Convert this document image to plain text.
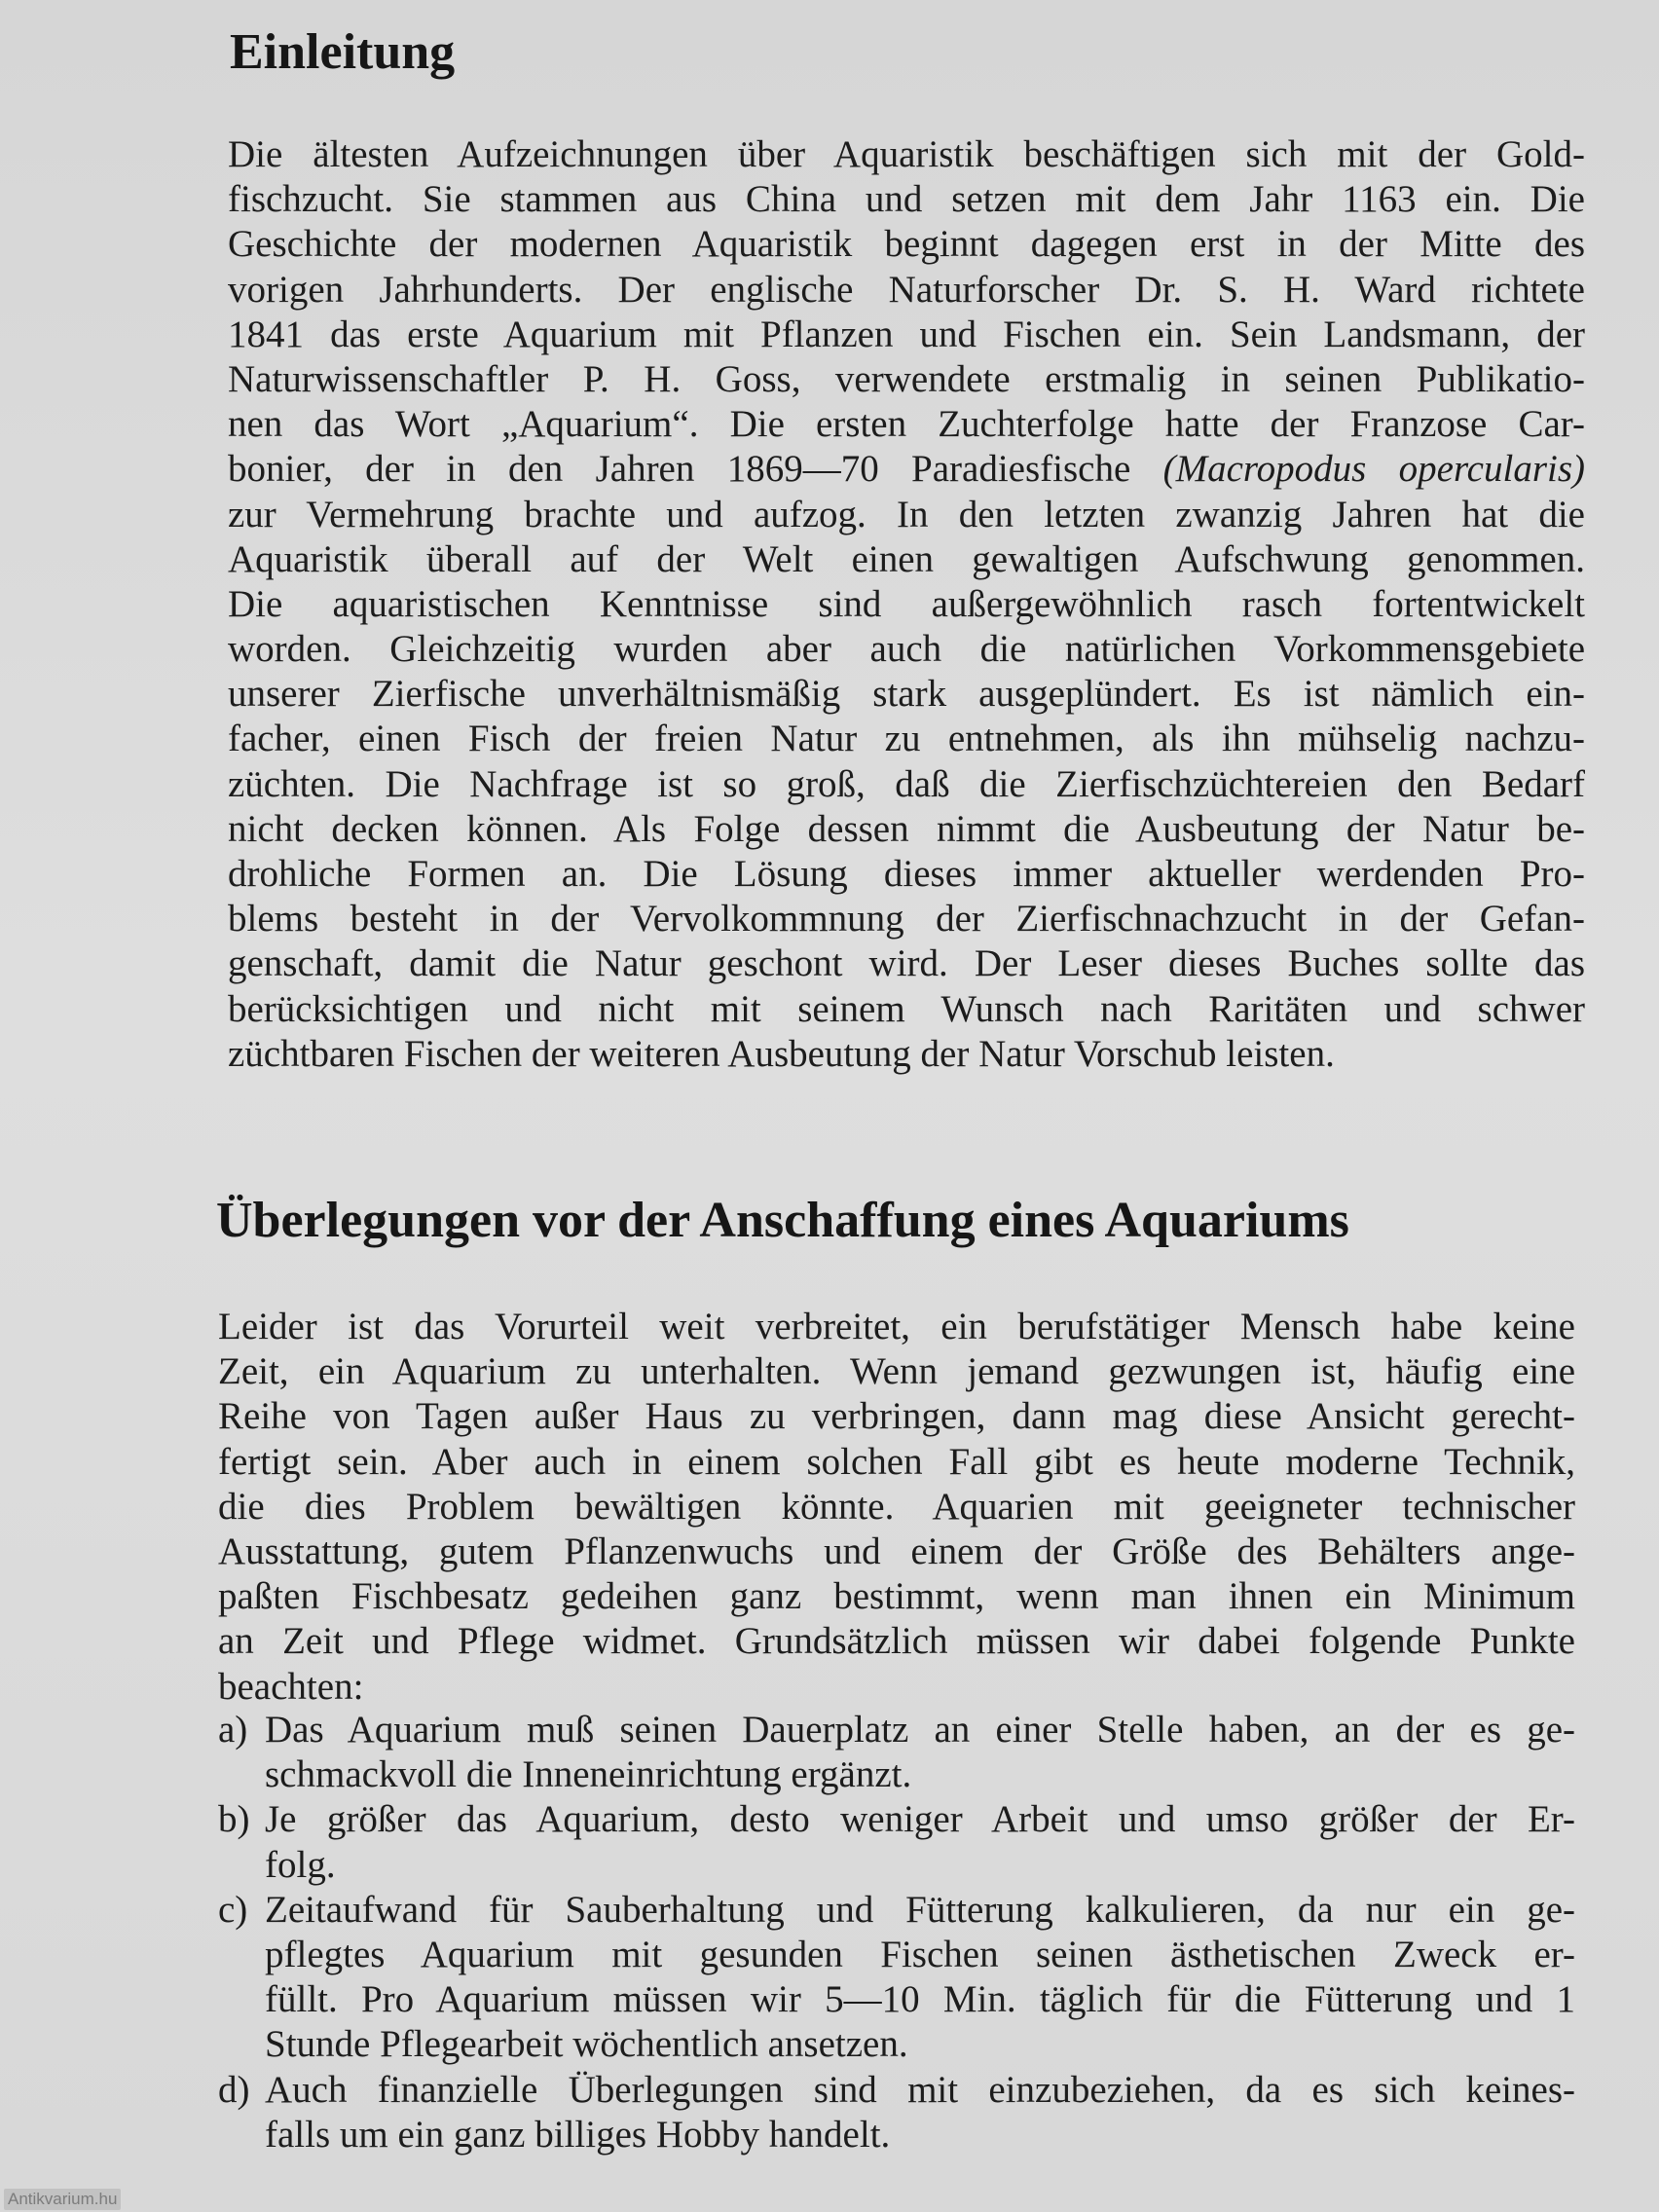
Einleitung
Die ältesten Aufzeichnungen über Aquaristik beschäftigen sich mit der Gold-
fischzucht. Sie stammen aus China und setzen mit dem Jahr 1163 ein. Die
Geschichte der modernen Aquaristik beginnt dagegen erst in der Mitte des
vorigen Jahrhunderts. Der englische Naturforscher Dr. S. H. Ward richtete
1841 das erste Aquarium mit Pflanzen und Fischen ein. Sein Landsmann, der
Naturwissenschaftler P. H. Goss, verwendete erstmalig in seinen Publikatio-
nen das Wort „Aquarium“. Die ersten Zuchterfolge hatte der Franzose Car-
bonier, der in den Jahren 1869—70 Paradiesfische (Macropodus opercularis)
zur Vermehrung brachte und aufzog. In den letzten zwanzig Jahren hat die
Aquaristik überall auf der Welt einen gewaltigen Aufschwung genommen.
Die aquaristischen Kenntnisse sind außergewöhnlich rasch fortentwickelt
worden. Gleichzeitig wurden aber auch die natürlichen Vorkommensgebiete
unserer Zierfische unverhältnismäßig stark ausgeplündert. Es ist nämlich ein-
facher, einen Fisch der freien Natur zu entnehmen, als ihn mühselig nachzu-
züchten. Die Nachfrage ist so groß, daß die Zierfischzüchtereien den Bedarf
nicht decken können. Als Folge dessen nimmt die Ausbeutung der Natur be-
drohliche Formen an. Die Lösung dieses immer aktueller werdenden Pro-
blems besteht in der Vervolkommnung der Zierfischnachzucht in der Gefan-
genschaft, damit die Natur geschont wird. Der Leser dieses Buches sollte das
berücksichtigen und nicht mit seinem Wunsch nach Raritäten und schwer
züchtbaren Fischen der weiteren Ausbeutung der Natur Vorschub leisten.
Überlegungen vor der Anschaffung eines Aquariums
Leider ist das Vorurteil weit verbreitet, ein berufstätiger Mensch habe keine
Zeit, ein Aquarium zu unterhalten. Wenn jemand gezwungen ist, häufig eine
Reihe von Tagen außer Haus zu verbringen, dann mag diese Ansicht gerecht-
fertigt sein. Aber auch in einem solchen Fall gibt es heute moderne Technik,
die dies Problem bewältigen könnte. Aquarien mit geeigneter technischer
Ausstattung, gutem Pflanzenwuchs und einem der Größe des Behälters ange-
paßten Fischbesatz gedeihen ganz bestimmt, wenn man ihnen ein Minimum
an Zeit und Pflege widmet. Grundsätzlich müssen wir dabei folgende Punkte
beachten:
a) Das Aquarium muß seinen Dauerplatz an einer Stelle haben, an der es ge-
schmackvoll die Inneneinrichtung ergänzt.
b) Je größer das Aquarium, desto weniger Arbeit und umso größer der Er-
folg.
c) Zeitaufwand für Sauberhaltung und Fütterung kalkulieren, da nur ein ge-
pflegtes Aquarium mit gesunden Fischen seinen ästhetischen Zweck er-
füllt. Pro Aquarium müssen wir 5—10 Min. täglich für die Fütterung und 1
Stunde Pflegearbeit wöchentlich ansetzen.
d) Auch finanzielle Überlegungen sind mit einzubeziehen, da es sich keines-
falls um ein ganz billiges Hobby handelt.
Antikvarium.hu
